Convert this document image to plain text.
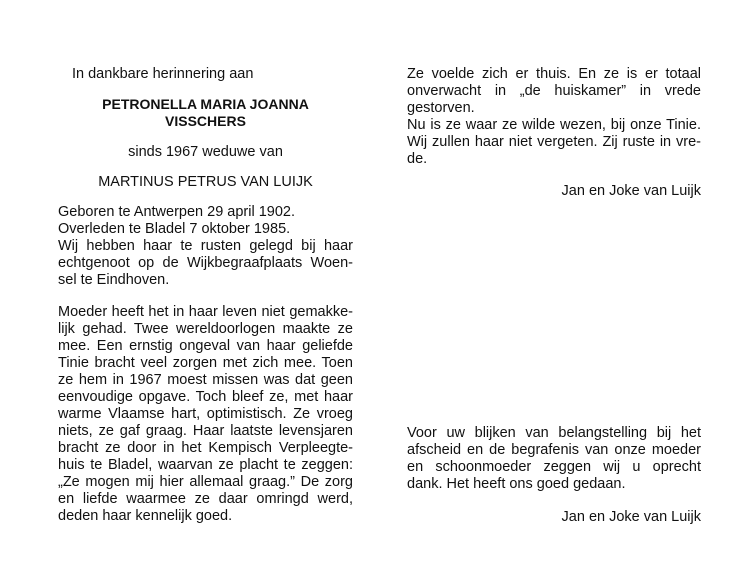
In dankbare herinnering aan
PETRONELLA MARIA JOANNA
VISSCHERS
sinds 1967 weduwe van
MARTINUS PETRUS VAN LUIJK
Geboren te Antwerpen 29 april 1902.
Overleden te Bladel 7 oktober 1985.
Wij hebben haar te rusten gelegd bij haar
echtgenoot op de Wijkbegraafplaats Woen-
sel te Eindhoven.
Moeder heeft het in haar leven niet gemakke-
lijk gehad. Twee wereldoorlogen maakte ze
mee. Een ernstig ongeval van haar geliefde
Tinie bracht veel zorgen met zich mee. Toen
ze hem in 1967 moest missen was dat geen
eenvoudige opgave. Toch bleef ze, met haar
warme Vlaamse hart, optimistisch. Ze vroeg
niets, ze gaf graag. Haar laatste levensjaren
bracht ze door in het Kempisch Verpleegte-
huis te Bladel, waarvan ze placht te zeggen:
„Ze mogen mij hier allemaal graag.” De zorg
en liefde waarmee ze daar omringd werd,
deden haar kennelijk goed.
Ze voelde zich er thuis. En ze is er totaal
onverwacht in „de huiskamer” in vrede
gestorven.
Nu is ze waar ze wilde wezen, bij onze Tinie.
Wij zullen haar niet vergeten. Zij ruste in vre-
de.
Jan en Joke van Luijk
Voor uw blijken van belangstelling bij het
afscheid en de begrafenis van onze moeder
en schoonmoeder zeggen wij u oprecht
dank. Het heeft ons goed gedaan.
Jan en Joke van Luijk
